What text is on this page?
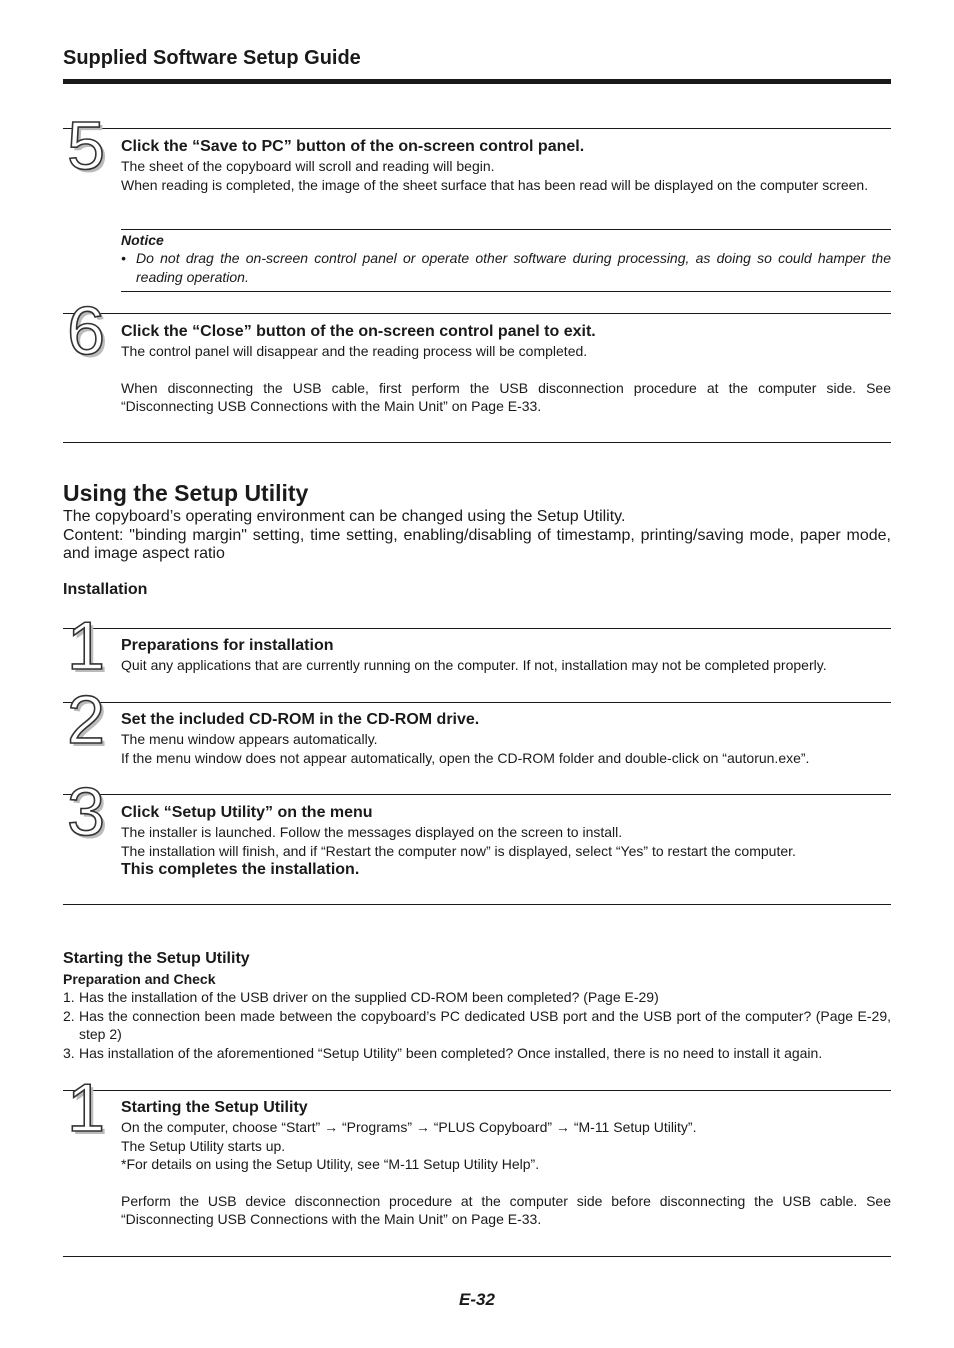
Supplied Software Setup Guide
5	Click the “Save to PC” button of the on-screen control panel.
The sheet of the copyboard will scroll and reading will begin.
When reading is completed, the image of the sheet surface that has been read will be displayed on the computer screen.
Notice
• Do not drag the on-screen control panel or operate other software during processing, as doing so could hamper the reading operation.
6	Click the “Close” button of the on-screen control panel to exit.
The control panel will disappear and the reading process will be completed.
When disconnecting the USB cable, first perform the USB disconnection procedure at the computer side. See “Disconnecting USB Connections with the Main Unit” on Page E-33.
Using the Setup Utility
The copyboard’s operating environment can be changed using the Setup Utility.
Content: "binding margin" setting, time setting, enabling/disabling of timestamp, printing/saving mode, paper mode, and image aspect ratio
Installation
1	Preparations for installation
Quit any applications that are currently running on the computer. If not, installation may not be completed properly.
2	Set the included CD-ROM in the CD-ROM drive.
The menu window appears automatically.
If the menu window does not appear automatically, open the CD-ROM folder and double-click on “autorun.exe”.
3	Click “Setup Utility” on the menu
The installer is launched. Follow the messages displayed on the screen to install.
The installation will finish, and if “Restart the computer now” is displayed, select “Yes” to restart the computer.
This completes the installation.
Starting the Setup Utility
Preparation and Check
1. Has the installation of the USB driver on the supplied CD-ROM been completed? (Page E-29)
2. Has the connection been made between the copyboard’s PC dedicated USB port and the USB port of the computer? (Page E-29, step 2)
3. Has installation of the aforementioned “Setup Utility” been completed? Once installed, there is no need to install it again.
1	Starting the Setup Utility
On the computer, choose “Start” → “Programs” → “PLUS Copyboard” → “M-11 Setup Utility”.
The Setup Utility starts up.
*For details on using the Setup Utility, see “M-11 Setup Utility Help”.
Perform the USB device disconnection procedure at the computer side before disconnecting the USB cable. See “Disconnecting USB Connections with the Main Unit” on Page E-33.
E-32
